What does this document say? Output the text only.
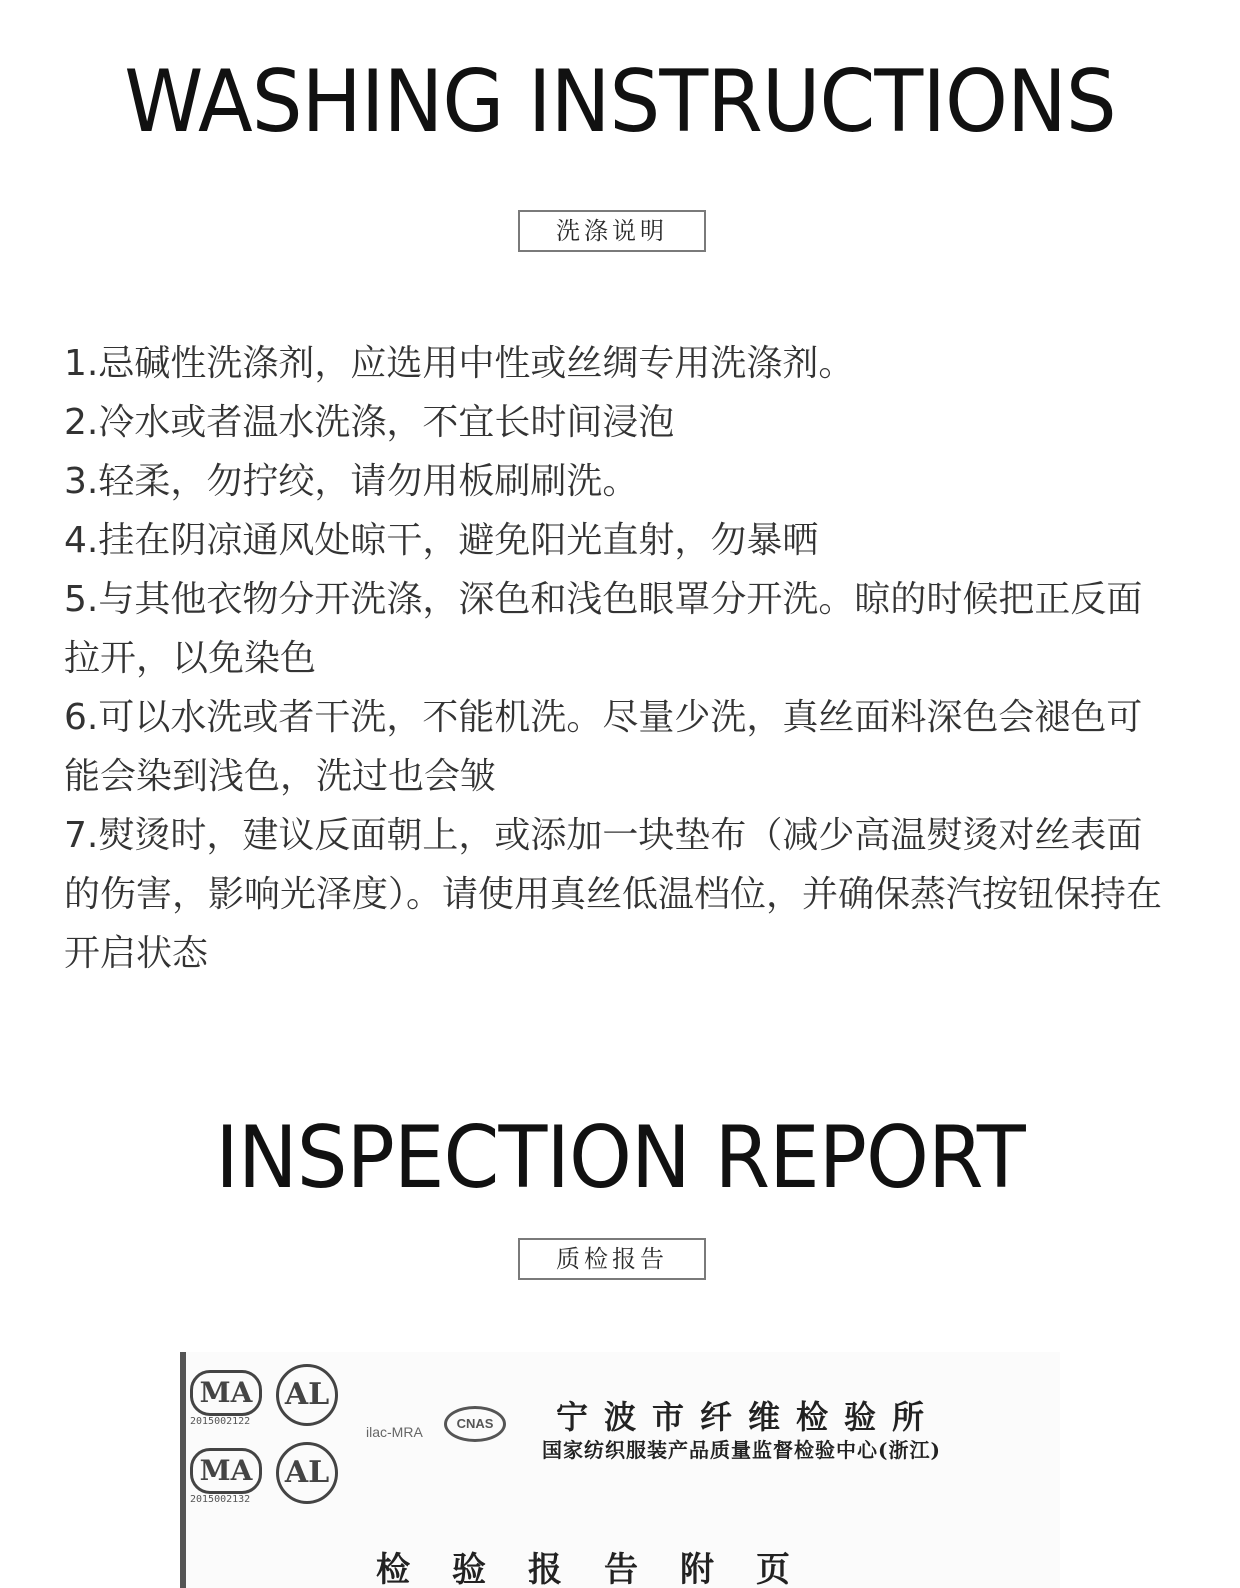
WASHING INSTRUCTIONS
洗涤说明
1.忌碱性洗涤剂，应选用中性或丝绸专用洗涤剂。
2.冷水或者温水洗涤，不宜长时间浸泡
3.轻柔，勿拧绞，请勿用板刷刷洗。
4.挂在阴凉通风处晾干，避免阳光直射，勿暴晒
5.与其他衣物分开洗涤，深色和浅色眼罩分开洗。晾的时候把正反面拉开，以免染色
6.可以水洗或者干洗，不能机洗。尽量少洗，真丝面料深色会褪色可能会染到浅色，洗过也会皱
7.熨烫时，建议反面朝上，或添加一块垫布（减少高温熨烫对丝表面的伤害，影响光泽度）。请使用真丝低温档位，并确保蒸汽按钮保持在开启状态
INSPECTION REPORT
质检报告
MA	AL
2015002122
MA	AL
2015002132
ilac-MRA
CNAS	宁波市纤维检验所
国家纺织服装产品质量监督检验中心(浙江)
检验报告附页
